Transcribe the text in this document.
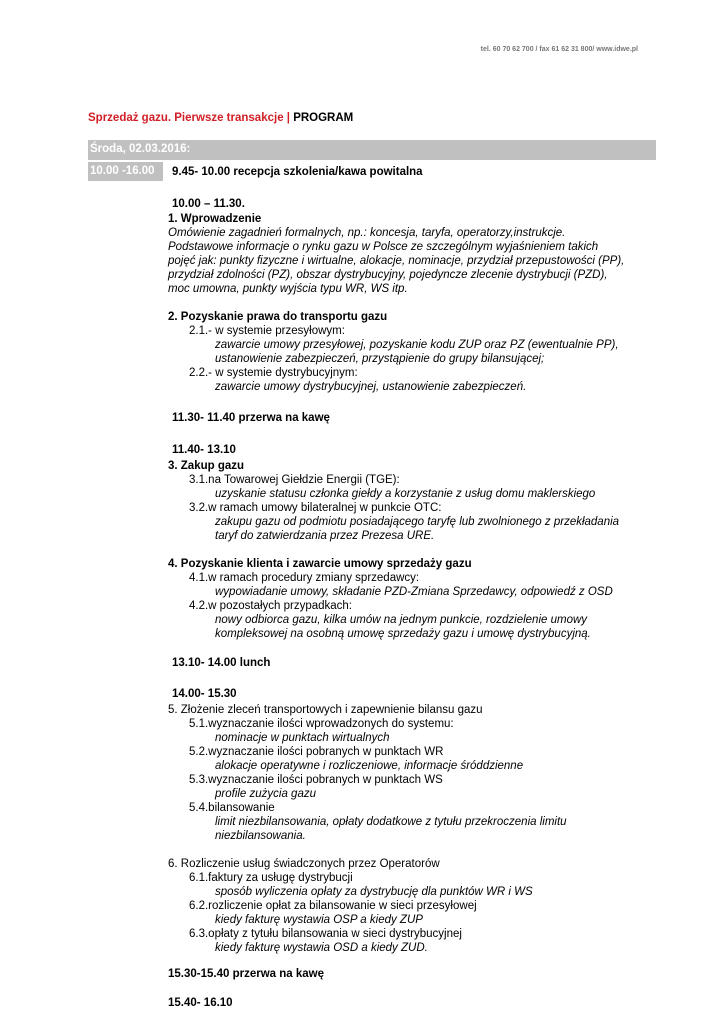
tel. 60 70 62 700 / fax 61 62 31 800/ www.idwe.pl
Sprzedaż gazu. Pierwsze transakcje | PROGRAM
Środa, 02.03.2016:
10.00 -16.00 9.45- 10.00 recepcja szkolenia/kawa powitalna
10.00 – 11.30.
1. Wprowadzenie
Omówienie zagadnień formalnych, np.: koncesja, taryfa, operatorzy,instrukcje.
Podstawowe informacje o rynku gazu w Polsce ze szczególnym wyjaśnieniem takich
pojęć jak: punkty fizyczne i wirtualne, alokacje, nominacje, przydział przepustowości (PP),
przydział zdolności (PZ), obszar dystrybucyjny, pojedyncze zlecenie dystrybucji (PZD),
moc umowna, punkty wyjścia typu WR, WS itp.
2. Pozyskanie prawa do transportu gazu
2.1.- w systemie przesyłowym:
zawarcie umowy przesyłowej, pozyskanie kodu ZUP oraz PZ (ewentualnie PP),
ustanowienie zabezpieczeń, przystąpienie do grupy bilansującej;
2.2.- w systemie dystrybucyjnym:
zawarcie umowy dystrybucyjnej, ustanowienie zabezpieczeń.
11.30- 11.40 przerwa na kawę
11.40- 13.10
3. Zakup gazu
3.1.na Towarowej Giełdzie Energii (TGE):
uzyskanie statusu członka giełdy a korzystanie z usług domu maklerskiego
3.2.w ramach umowy bilateralnej w punkcie OTC:
zakupu gazu od podmiotu posiadającego taryfę lub zwolnionego z przekładania
taryf do zatwierdzania przez Prezesa URE.
4. Pozyskanie klienta i zawarcie umowy sprzedaży gazu
4.1.w ramach procedury zmiany sprzedawcy:
wypowiadanie umowy, składanie PZD-Zmiana Sprzedawcy, odpowiedź z OSD
4.2.w pozostałych przypadkach:
nowy odbiorca gazu, kilka umów na jednym punkcie, rozdzielenie umowy
kompleksowej na osobną umowę sprzedaży gazu i umowę dystrybucyjną.
13.10- 14.00 lunch
14.00- 15.30
5. Złożenie zleceń transportowych i zapewnienie bilansu gazu
5.1.wyznaczanie ilości wprowadzonych do systemu:
nominacje w punktach wirtualnych
5.2.wyznaczanie ilości pobranych w punktach WR
alokacje operatywne i rozliczeniowe, informacje śróddzienne
5.3.wyznaczanie ilości pobranych w punktach WS
profile zużycia gazu
5.4.bilansowanie
limit niezbilansowania, opłaty dodatkowe z tytułu przekroczenia limitu
niezbilansowania.
6. Rozliczenie usług świadczonych przez Operatorów
6.1.faktury za usługę dystrybucji
sposób wyliczenia opłaty za dystrybucję dla punktów WR i WS
6.2.rozliczenie opłat za bilansowanie w sieci przesyłowej
kiedy fakturę wystawia OSP a kiedy ZUP
6.3.opłaty z tytułu bilansowania w sieci dystrybucyjnej
kiedy fakturę wystawia OSD a kiedy ZUD.
15.30-15.40 przerwa na kawę
15.40- 16.10
